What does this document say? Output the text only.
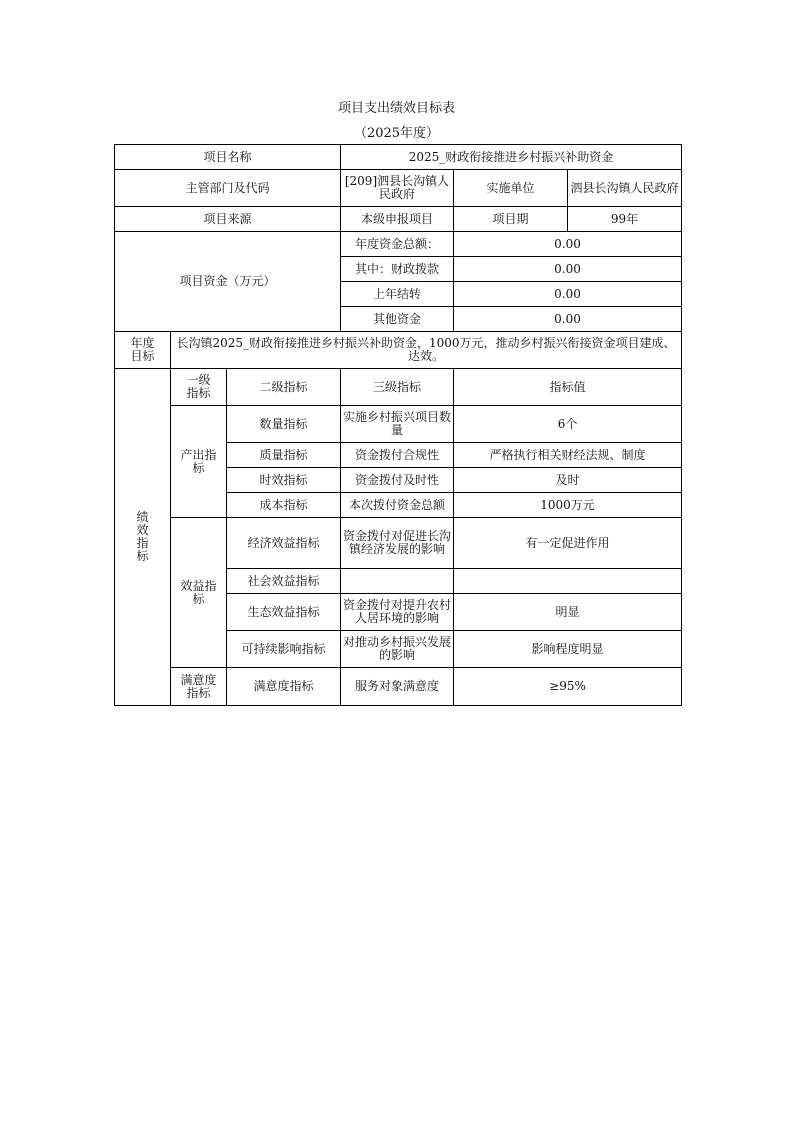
项目支出绩效目标表
（2025年度）
项目名称			2025_财政衔接推进乡村振兴补助资金		
主管部门及代码			[209]泗县长沟镇人民政府	实施单位	泗县长沟镇人民政府
项目来源			本级申报项目	项目期	99年
项目资金（万元）			年度资金总额：	0.00	
			其中：财政拨款	0.00	
			上年结转	0.00	
			其他资金	0.00	
年度目标	长沟镇2025_财政衔接推进乡村振兴补助资金，1000万元，推动乡村振兴衔接资金项目建成、达效。				
绩效指标	一级指标	二级指标	三级指标	指标值	
	产出指标	数量指标	实施乡村振兴项目数量	6个	
		质量指标	资金拨付合规性	严格执行相关财经法规、制度	
		时效指标	资金拨付及时性	及时	
		成本指标	本次拨付资金总额	1000万元	
	效益指标	经济效益指标	资金拨付对促进长沟镇经济发展的影响	有一定促进作用	
		社会效益指标			
		生态效益指标	资金拨付对提升农村人居环境的影响	明显	
		可持续影响指标	对推动乡村振兴发展的影响	影响程度明显	
	满意度指标	满意度指标	服务对象满意度	≥95%	
